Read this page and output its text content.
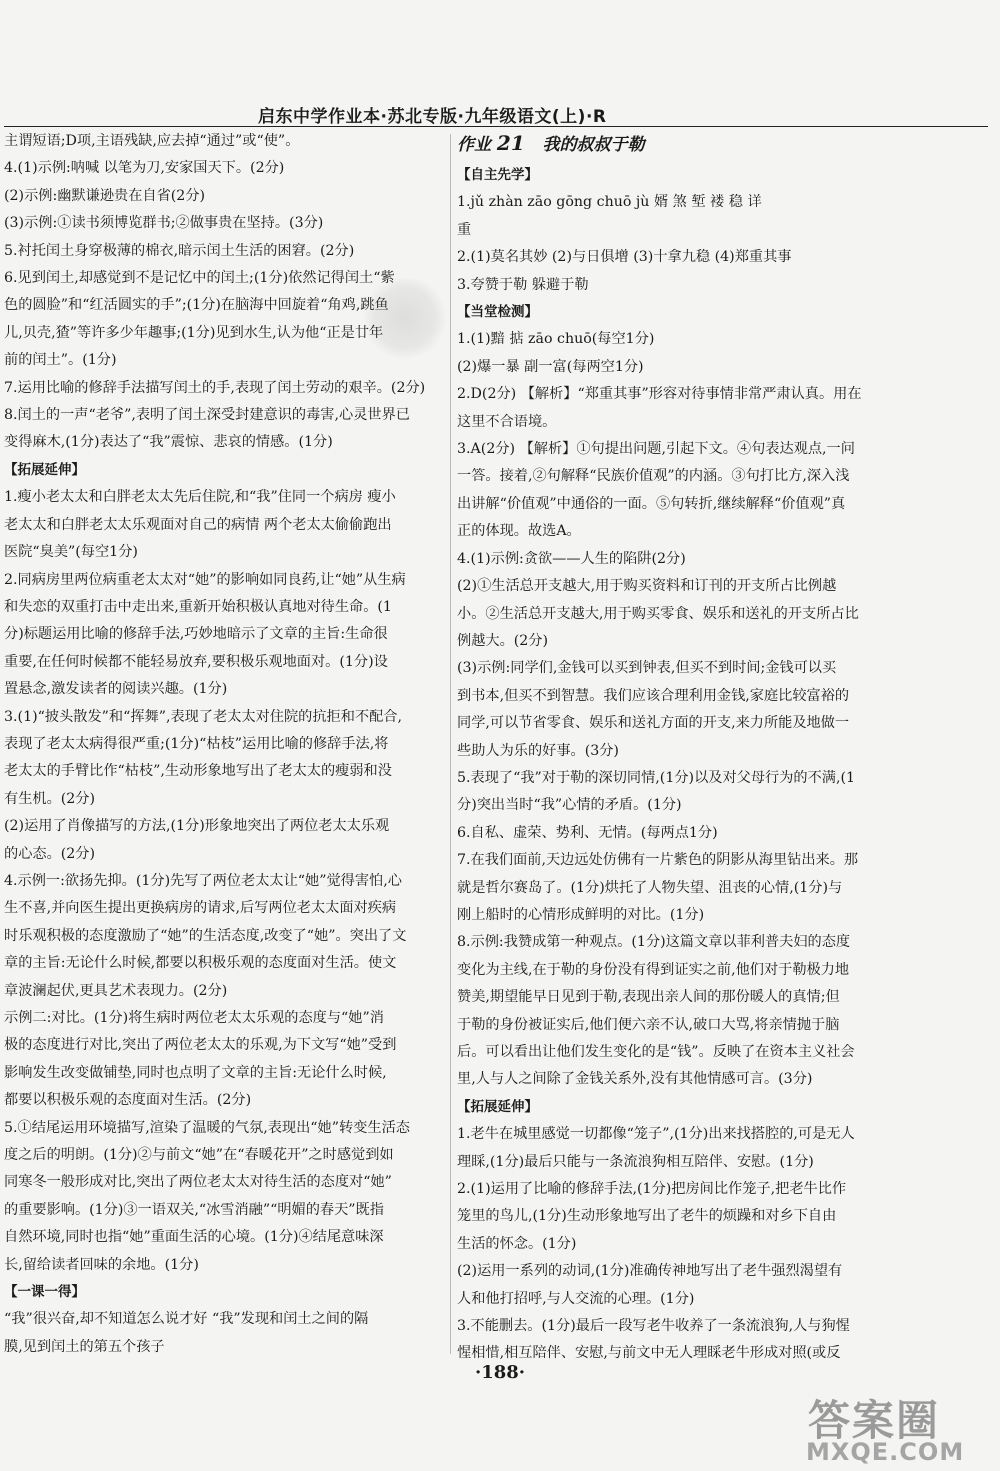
启东中学作业本·苏北专版·九年级语文(上)·R

主谓短语;D项,主语残缺,应去掉“通过”或“使”。

4.(1)示例:呐喊 以笔为刀,安家国天下。(2分)

(2)示例:幽默谦逊贵在自省(2分)

(3)示例:①读书须博览群书;②做事贵在坚持。(3分)

5.衬托闰土身穿极薄的棉衣,暗示闰土生活的困窘。(2分)

6.见到闰土,却感觉到不是记忆中的闰土;(1分)依然记得闰土“紫

色的圆脸”和“红活圆实的手”;(1分)在脑海中回旋着“角鸡,跳鱼

儿,贝壳,猹”等许多少年趣事;(1分)见到水生,认为他“正是廿年

前的闰土”。(1分)

7.运用比喻的修辞手法描写闰土的手,表现了闰土劳动的艰辛。(2分)

8.闰土的一声“老爷”,表明了闰土深受封建意识的毒害,心灵世界已

变得麻木,(1分)表达了“我”震惊、悲哀的情感。(1分)

【拓展延伸】

1.瘦小老太太和白胖老太太先后住院,和“我”住同一个病房 瘦小

老太太和白胖老太太乐观面对自己的病情 两个老太太偷偷跑出

医院“臭美”(每空1分)

2.同病房里两位病重老太太对“她”的影响如同良药,让“她”从生病

和失恋的双重打击中走出来,重新开始积极认真地对待生命。(1

分)标题运用比喻的修辞手法,巧妙地暗示了文章的主旨:生命很

重要,在任何时候都不能轻易放弃,要积极乐观地面对。(1分)设

置悬念,激发读者的阅读兴趣。(1分)

3.(1)“披头散发”和“挥舞”,表现了老太太对住院的抗拒和不配合,

表现了老太太病得很严重;(1分)“枯枝”运用比喻的修辞手法,将

老太太的手臂比作“枯枝”,生动形象地写出了老太太的瘦弱和没

有生机。(2分)

(2)运用了肖像描写的方法,(1分)形象地突出了两位老太太乐观

的心态。(2分)

4.示例一:欲扬先抑。(1分)先写了两位老太太让“她”觉得害怕,心

生不喜,并向医生提出更换病房的请求,后写两位老太太面对疾病

时乐观积极的态度激励了“她”的生活态度,改变了“她”。突出了文

章的主旨:无论什么时候,都要以积极乐观的态度面对生活。使文

章波澜起伏,更具艺术表现力。(2分)

示例二:对比。(1分)将生病时两位老太太乐观的态度与“她”消

极的态度进行对比,突出了两位老太太的乐观,为下文写“她”受到

影响发生改变做铺垫,同时也点明了文章的主旨:无论什么时候,

都要以积极乐观的态度面对生活。(2分)

5.①结尾运用环境描写,渲染了温暖的气氛,表现出“她”转变生活态

度之后的明朗。(1分)②与前文“她”在“春暖花开”之时感觉到如

同寒冬一般形成对比,突出了两位老太太对待生活的态度对“她”

的重要影响。(1分)③一语双关,“冰雪消融”“明媚的春天”既指

自然环境,同时也指“她”重面生活的心境。(1分)④结尾意味深

长,留给读者回味的余地。(1分)

【一课一得】

“我”很兴奋,却不知道怎么说才好 “我”发现和闰土之间的隔

膜,见到闰土的第五个孩子

作业 21 我的叔叔于勒

【自主先学】

1.jǔ zhàn zāo gōng chuō jù 婿 煞 堑 褛 稳 详

重

2.(1)莫名其妙 (2)与日俱增 (3)十拿九稳 (4)郑重其事

3.夸赞于勒 躲避于勒

【当堂检测】

1.(1)黯 掂 zāo chuō(每空1分)

(2)爆一暴 副一富(每两空1分)

2.D(2分) 【解析】“郑重其事”形容对待事情非常严肃认真。用在

这里不合语境。

3.A(2分) 【解析】①句提出问题,引起下文。④句表达观点,一问

一答。接着,②句解释“民族价值观”的内涵。③句打比方,深入浅

出讲解“价值观”中通俗的一面。⑤句转折,继续解释“价值观”真

正的体现。故选A。

4.(1)示例:贪欲——人生的陷阱(2分)

(2)①生活总开支越大,用于购买资料和订刊的开支所占比例越

小。②生活总开支越大,用于购买零食、娱乐和送礼的开支所占比

例越大。(2分)

(3)示例:同学们,金钱可以买到钟表,但买不到时间;金钱可以买

到书本,但买不到智慧。我们应该合理利用金钱,家庭比较富裕的

同学,可以节省零食、娱乐和送礼方面的开支,来力所能及地做一

些助人为乐的好事。(3分)

5.表现了“我”对于勒的深切同情,(1分)以及对父母行为的不满,(1

分)突出当时“我”心情的矛盾。(1分)

6.自私、虚荣、势利、无情。(每两点1分)

7.在我们面前,天边远处仿佛有一片紫色的阴影从海里钻出来。那

就是哲尔赛岛了。(1分)烘托了人物失望、沮丧的心情,(1分)与

刚上船时的心情形成鲜明的对比。(1分)

8.示例:我赞成第一种观点。(1分)这篇文章以菲利普夫妇的态度

变化为主线,在于勒的身份没有得到证实之前,他们对于勒极力地

赞美,期望能早日见到于勒,表现出亲人间的那份暖人的真情;但

于勒的身份被证实后,他们便六亲不认,破口大骂,将亲情抛于脑

后。可以看出让他们发生变化的是“钱”。反映了在资本主义社会

里,人与人之间除了金钱关系外,没有其他情感可言。(3分)

【拓展延伸】

1.老牛在城里感觉一切都像“笼子”,(1分)出来找搭腔的,可是无人

理睬,(1分)最后只能与一条流浪狗相互陪伴、安慰。(1分)

2.(1)运用了比喻的修辞手法,(1分)把房间比作笼子,把老牛比作

笼里的鸟儿,(1分)生动形象地写出了老牛的烦躁和对乡下自由

生活的怀念。(1分)

(2)运用一系列的动词,(1分)准确传神地写出了老牛强烈渴望有

人和他打招呼,与人交流的心理。(1分)

3.不能删去。(1分)最后一段写老牛收养了一条流浪狗,人与狗惺

惺相惜,相互陪伴、安慰,与前文中无人理睬老牛形成对照(或反

·188·
答案圈
MXQE.COM
